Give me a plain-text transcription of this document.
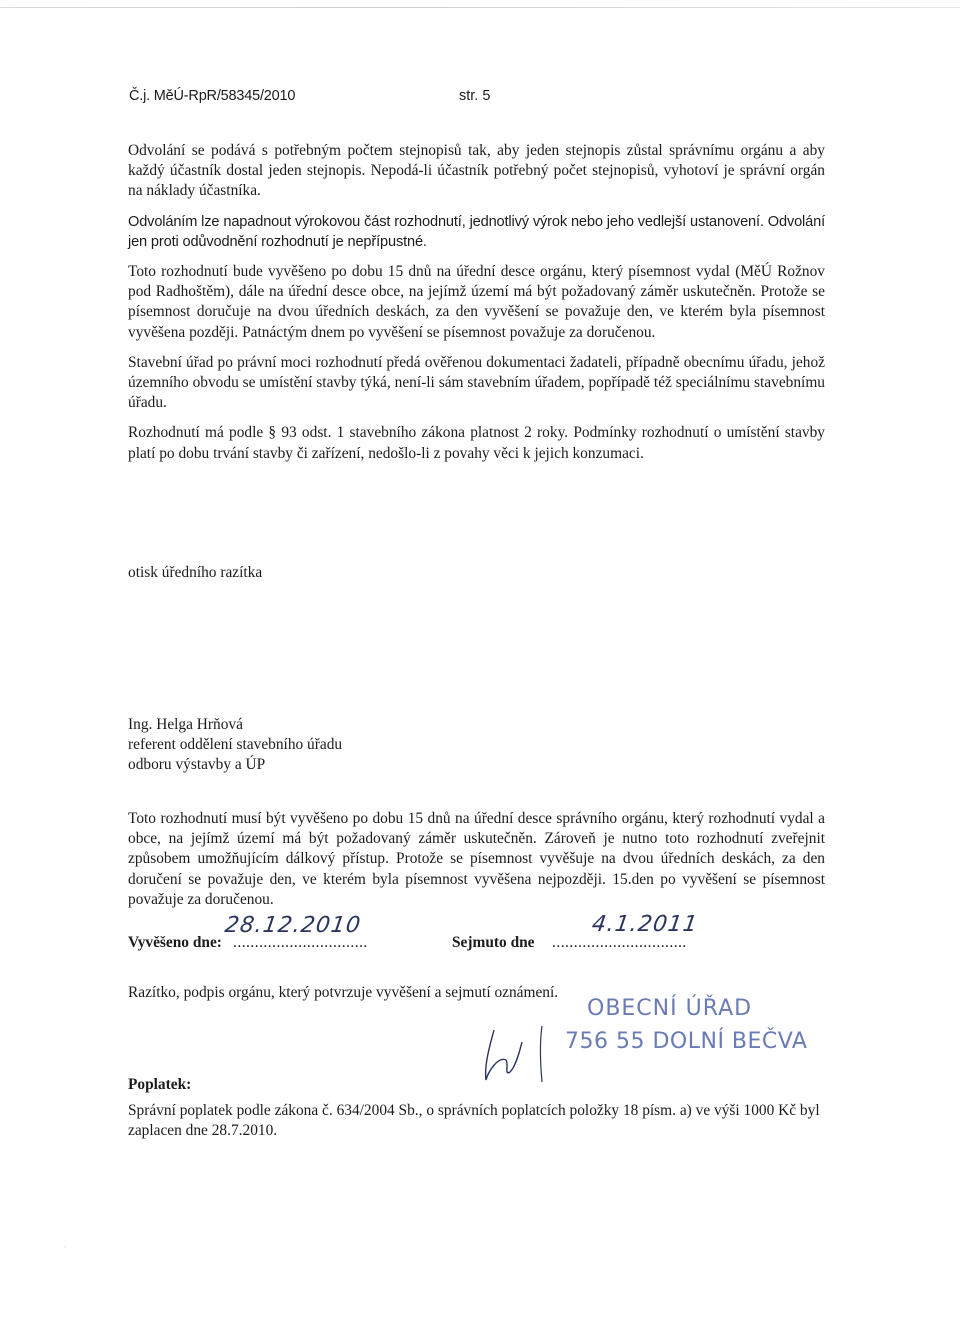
Č.j. MěÚ-RpR/58345/2010	str. 5

Odvolání se podává s potřebným počtem stejnopisů tak, aby jeden stejnopis zůstal správnímu orgánu a aby každý účastník dostal jeden stejnopis. Nepodá-li účastník potřebný počet stejnopisů, vyhotoví je správní orgán na náklady účastníka.

Odvoláním lze napadnout výrokovou část rozhodnutí, jednotlivý výrok nebo jeho vedlejší ustanovení. Odvolání jen proti odůvodnění rozhodnutí je nepřípustné.

Toto rozhodnutí bude vyvěšeno po dobu 15 dnů na úřední desce orgánu, který písemnost vydal (MěÚ Rožnov pod Radhoštěm), dále na úřední desce obce, na jejímž území má být požadovaný záměr uskutečněn. Protože se písemnost doručuje na dvou úředních deskách, za den vyvěšení se považuje den, ve kterém byla písemnost vyvěšena později. Patnáctým dnem po vyvěšení se písemnost považuje za doručenou.

Stavební úřad po právní moci rozhodnutí předá ověřenou dokumentaci žadateli, případně obecnímu úřadu, jehož územního obvodu se umístění stavby týká, není-li sám stavebním úřadem, popřípadě též speciálnímu stavebnímu úřadu.

Rozhodnutí má podle § 93 odst. 1 stavebního zákona platnost 2 roky. Podmínky rozhodnutí o umístění stavby platí po dobu trvání stavby či zařízení, nedošlo-li z povahy věci k jejich konzumaci.

otisk úředního razítka
Ing. Helga Hrňová
referent oddělení stavebního úřadu
odboru výstavby a ÚP
Toto rozhodnutí musí být vyvěšeno po dobu 15 dnů na úřední desce správního orgánu, který rozhodnutí vydal a obce, na jejímž území má být požadovaný záměr uskutečněn. Zároveň je nutno toto rozhodnutí zveřejnit způsobem umožňujícím dálkový přístup. Protože se písemnost vyvěšuje na dvou úředních deskách, za den doručení se považuje den, ve kterém byla písemnost vyvěšena nejpozději. 15.den po vyvěšení se písemnost považuje za doručenou.
Vyvěšeno dne: ...............................	Sejmuto dne ...............................
28.12.2010	4.1.2011
Razítko, podpis orgánu, který potvrzuje vyvěšení a sejmutí oznámení.
OBECNÍ ÚŘAD
756 55 DOLNÍ BEČVA
Poplatek:
Správní poplatek podle zákona č. 634/2004 Sb., o správních poplatcích položky 18 písm. a) ve výši 1000 Kč byl zaplacen dne 28.7.2010.
